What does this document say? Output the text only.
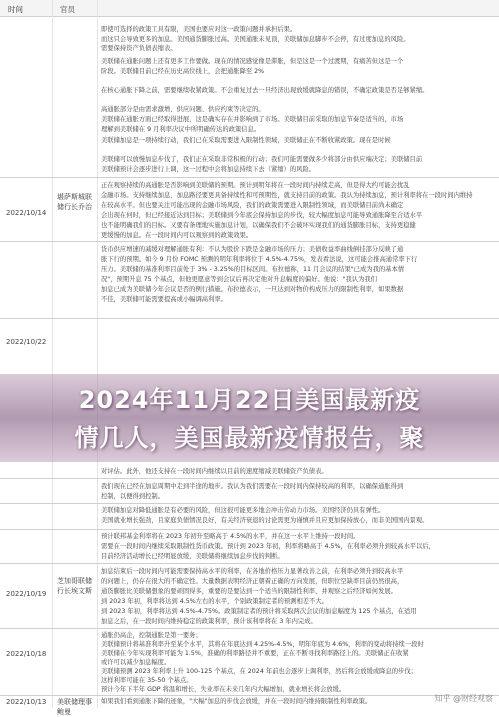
时间	官员
即使可选择的政策工具有限，美国也要应对这一政策问题并承担后果。
而这只会导致更多的加息。美国通货膨胀过高。美国通胀未见顶，美联储加息脚步不会停，有过度加息的风险。
需要保持资产负债表缩表。
美联储在通胀问题上还有更多工作要做。现在的情况感觉像是滞胀，但是这是一个过渡期，有痛苦但这是一个
阶段。美联储目前已经在历史高位线上，会把通胀降至 2%
在核心通胀下降之前，需要继续收紧政策。不会重复过去一旦经济出现放缓就降息的错误，不确定政策是否足够紧缩。
高通胀部分是由需求激增、供应问题、供应约束等决定的。
美联储在通胀方面已经取得进展，这是确实存在并影响到了市场。美联储目前采取的加息节奏是适当的，市场
理解到美联储在 9 月利率决议中所明确传达的政策信息。
美联储加息是一项持续行动，我们已在采取需要进入限制性领域，美联储正在不断收紧政策。现在是时候
美联储可以放慢加息步伐了，我们正在采取非常积极的行动；我们可能需要做多少将部分由供应端决定；美联储目前
美联储预计会逐步进行上调，这一过程中会将加息持续下去（紧缩）的风险。
2022/10/14
堪萨斯城联储行长乔治
正在观察持续的高通胀是否影响到美联储的预期。预计到明年将在一段时间内持续走高，但是得大约可能会扰乱
金融市场。支持继续加息，加息路径要更具备持续性和可预期性，就支持目前的政策。我认为持续加息，预计利率将在一段时间内维持
在较高水平。但也要关注可能出现的金融市场风险，我们的政策需要进入限制性领域，而美联储目前尚未确定
会出现在何时，但已经接近达到目标；美联储到今年底会保持加息的步伐，较大幅度加息可能导致通胀降至合适水平
也不能明确我们的目标。又要有条理地实施加息计划，以确保我们不会破坏实现我们的通货膨胀目标，支持更稳健
更缓慢的加息。在一段时间内可以观察到的政策效果。
货币供应增速的减缓对理解通胀有利：不认为股价下跌是金融市场的压力；美债收益率曲线倒挂部分反映了通
胀下行的预期。如今 9 月份 FOMC 预测的明年利率将位于 4.5%-4.75%，发表看法说，这可能会推高通常率下行
压力。美联储的基准利率目前处于 3% - 3.25%的目标区间。布拉德称，11 月会议的结果"已成为我的基本情
况"，预期升息 75 个基点，但他更愿意等到会议后再决定他对升息幅度的偏好。他说："我认为我们
加息已成为美联储今年会议是否的例行措施。布拉德表示，一旦达到对物价构成压力的限制性利率，如果数据
不佳，美联储可能需要提高或小幅调高利率。
2022/10/22
对评估。此外，他还支持在一段时间内继续以目前的速度缩减美联储资产负债表。
我们现在已经在加息周期中走到半途的地步。我认为我们需要在一段时间内保持较高的利率，以确保通胀得到
控制，以便得到控制。
美联储加息对降低通胀是有必要的风险，但这很可能更多地会冲击劳动力市场。美国经济仍具有弹性。
美国就业增长强劲，且家庭负债情况良好，有关经济衰退的讨论需更为谨慎并且应更加保持放心，而非美国国内景观。
预计联邦基金利率将在 2023 年初升至略高于 4.5%的水平，并在这一水平上维持一段时间。
需要在一段时间内继续采取限制性货币政策。预计到 2023 年初，利率将略高于 4.5%，在利率必须升到较高水平以后，
目前经济活动增长已经明显放缓，美联储将继续加息步伐的判断。
2022/10/19
芝加哥联储行长埃文斯
加息结束后一段时间内可能需要保持高水平的利率，在各地价格压力显著改善之前，在利率必须升到较高水平
的问题上，仍存在很大的不确定性。大量数据表明经济正朝着正确的方向发展，但职位空缺率目前仍然很高，
通货膨胀比美联储想象的要顽固得多，重要的是要达到一个适当的限制性利率，并观察之后经济如何发展。
到 2023 年初，利率将达到 4.5%左右的水平，个别政策制定者的预测相差不大。
到 2023 年初，利率将达到 4.5%-4.75%。政策制定者的预计将采取两次会议的加息幅度为 125 个基点，在适用
加息之后，在一段时间内维持稳定的政策利率，预计该利率将在 3 年内完成。
2022/10/18
通胀仍高企，控制通胀是第一要务；
美联储预计将基准利率升至某个水平，其将在年底达到 4.25%-4.5%，明年年底为 4.6%，利率的变动将持续一段时
美联储在今年实现利率可能为 1.5%，准确的利率路径并不重要，正在不断寻找利率路径上的。美联储正在收紧
或许可以减少加息幅度。
美联储预测 2023 年利率上升 100-125 个基点，在 2024 年前也会逐步上调利率，然后将会放缓或降息的步伐；
这样利率可能在 35-50 个基点。
预计今年下半年 GDP 将温和增长，失业率在未来几年内大幅增加，就业增长将会放缓。
2022/10/13 美联储理事鲍曼
如果我们看到通胀下降的迹象，"大幅"加息的步伐会放缓，并在一段时间内维持限制性利率政策。
2024年11月22日美国最新疫
情几人，美国最新疫情报告，聚
知乎 @财经观察
